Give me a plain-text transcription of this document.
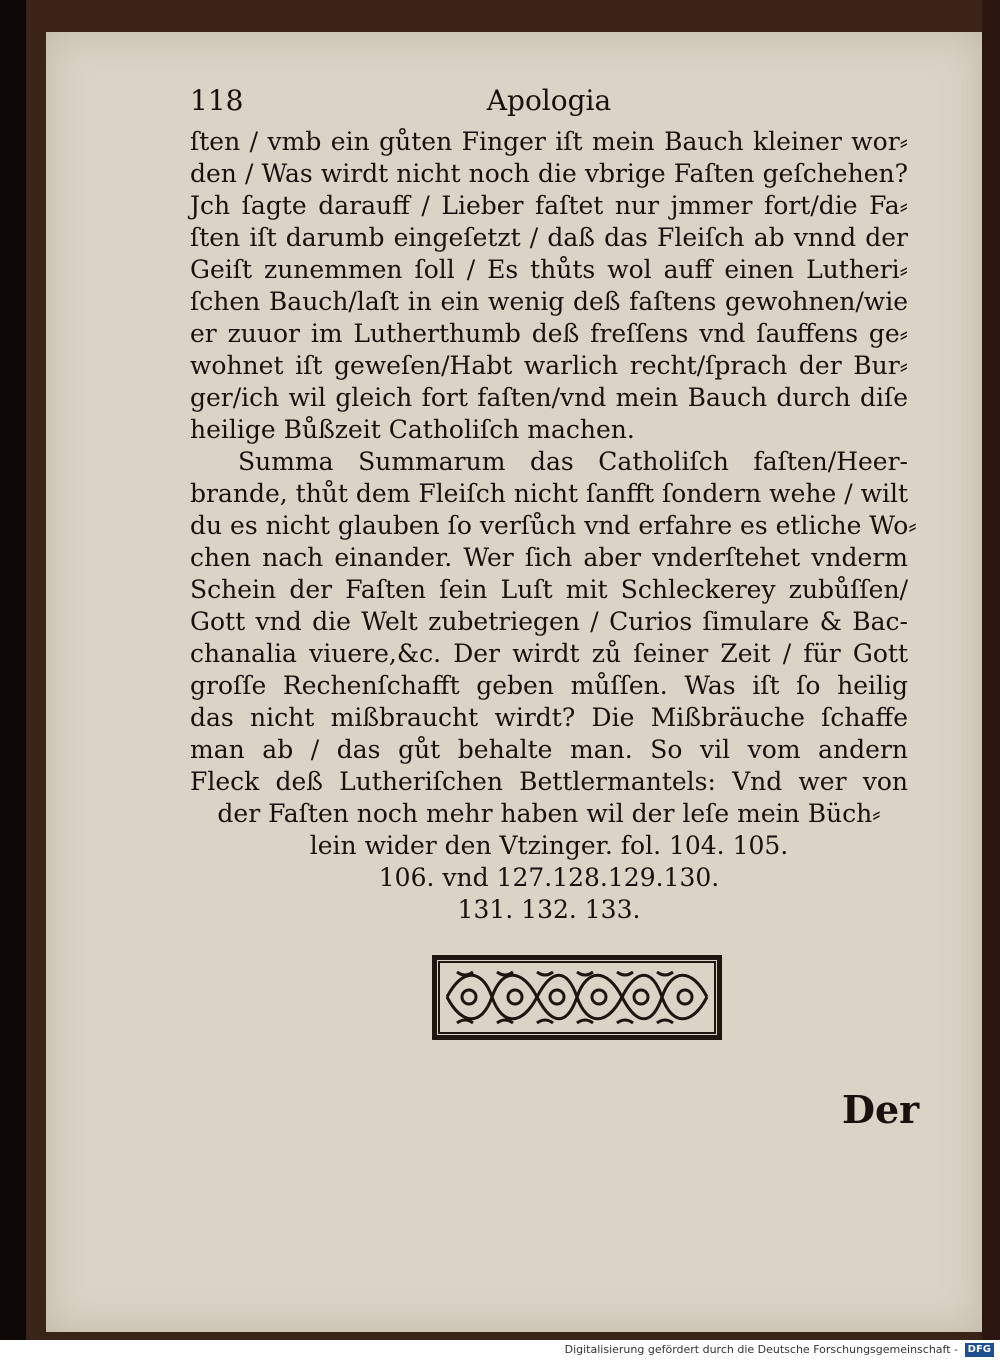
118	Apologia
ſten / vmb ein gůten Finger iſt mein Bauch kleiner wor⸗
den / Was wirdt nicht noch die vbrige Faſten geſchehen?
Jch ſagte darauff / Lieber faſtet nur jmmer fort/die Fa⸗
ſten iſt darumb eingeſetzt / daß das Fleiſch ab vnnd der
Geiſt zunemmen ſoll / Es thůts wol auff einen Lutheri⸗
ſchen Bauch/laſt in ein wenig deß faſtens gewohnen/wie
er zuuor im Lutherthumb deß freſſens vnd ſauffens ge⸗
wohnet iſt geweſen/Habt warlich recht/ſprach der Bur⸗
ger/ich wil gleich fort faſten/vnd mein Bauch durch diſe
heilige Bůßzeit Catholiſch machen.
Summa Summarum das Catholiſch faſten/Heer-
brande, thůt dem Fleiſch nicht ſanfft ſondern wehe / wilt
du es nicht glauben ſo verſůch vnd erfahre es etliche Wo⸗
chen nach einander. Wer ſich aber vnderſtehet vnderm
Schein der Faſten ſein Luſt mit Schleckerey zubůſſen/
Gott vnd die Welt zubetriegen / Curios ſimulare & Bac-
chanalia viuere,&c. Der wirdt zů ſeiner Zeit / für Gott
groſſe Rechenſchafft geben můſſen. Was iſt ſo heilig
das nicht mißbraucht wirdt? Die Mißbräuche ſchaffe
man ab / das gůt behalte man. So vil vom andern
Fleck deß Lutheriſchen Bettlermantels: Vnd wer von
der Faſten noch mehr haben wil der leſe mein Büch⸗
lein wider den Vtzinger. fol. 104. 105.
106. vnd 127.128.129.130.
131. 132. 133.
Der
Digitalisierung gefördert durch die Deutsche Forschungsgemeinschaft - DFG
